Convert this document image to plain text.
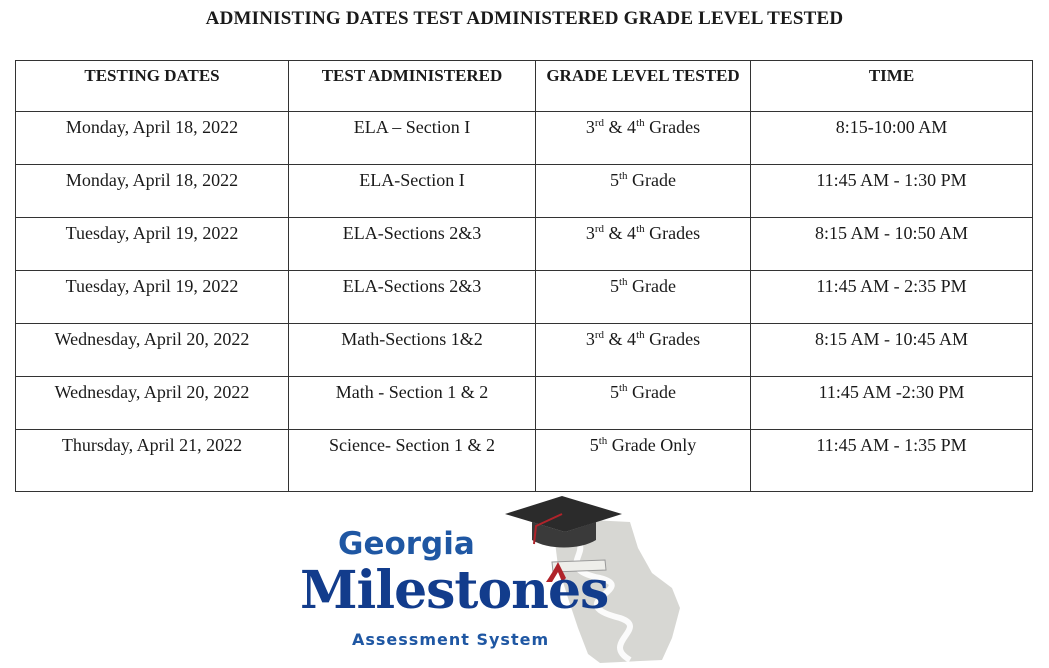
ADMINISTING DATES TEST ADMINISTERED GRADE LEVEL TESTED
TESTING DATES	TEST ADMINISTERED	GRADE LEVEL TESTED	TIME
Monday, April 18, 2022	ELA – Section I	3rd & 4th Grades	8:15-10:00 AM
Monday, April 18, 2022	ELA-Section I	5th Grade	11:45 AM - 1:30 PM
Tuesday, April 19, 2022	ELA-Sections 2&3	3rd & 4th Grades	8:15 AM - 10:50 AM
Tuesday, April 19, 2022	ELA-Sections 2&3	5th Grade	11:45 AM - 2:35 PM
Wednesday, April 20, 2022	Math-Sections 1&2	3rd & 4th Grades	8:15 AM - 10:45 AM
Wednesday, April 20, 2022	Math - Section 1 & 2	5th Grade	11:45 AM -2:30 PM
Thursday, April 21, 2022	Science- Section 1 & 2	5th Grade Only	11:45 AM - 1:35 PM
Georgia
Milestones
Assessment System
